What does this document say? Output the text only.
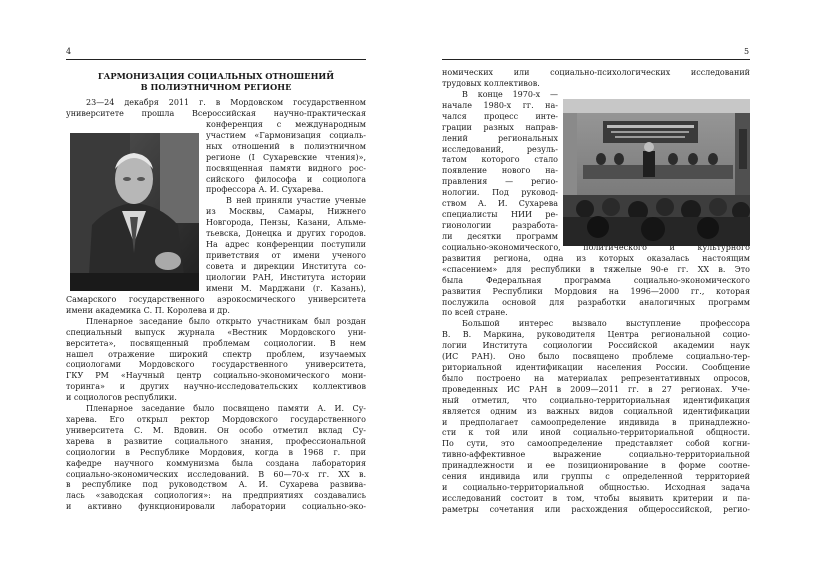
4
ГАРМОНИЗАЦИЯ СОЦИАЛЬНЫХ ОТНОШЕНИЙ
В ПОЛИЭТНИЧНОМ РЕГИОНЕ
23—24 декабря 2011 г. в Мордовском государственном
университете прошла Всероссийская научно-практическая
конференция с международным
участием «Гармонизация социаль-
ных отношений в полиэтничном
регионе (I Сухаревские чтения)»,
посвященная памяти видного рос-
сийского философа и социолога
профессора А. И. Сухарева.
В ней приняли участие ученые
из Москвы, Самары, Нижнего
Новгорода, Пензы, Казани, Альме-
тьевска, Донецка и других городов.
На адрес конференции поступили
приветствия от имени ученого
совета и дирекции Института со-
циологии РАН, Института истории
имени М. Марджани (г. Казань),
Самарского государственного аэрокосмического университета
имени академика С. П. Королева и др.
Пленарное заседание было открыто участникам был роздан
специальный выпуск журнала «Вестник Мордовского уни-
верситета», посвященный проблемам социологии. В нем
нашел отражение широкий спектр проблем, изучаемых
социологами Мордовского государственного университета,
ГКУ РМ «Научный центр социально-экономического мони-
торинга» и других научно-исследовательских коллективов
и социологов республики.
Пленарное заседание было посвящено памяти А. И. Су-
харева. Его открыл ректор Мордовского государственного
университета С. М. Вдовин. Он особо отметил вклад Су-
харева в развитие социального знания, профессиональной
социологии в Республике Мордовия, когда в 1968 г. при
кафедре научного коммунизма была создана лаборатория
социально-экономических исследований. В 60—70-х гг. XX в.
в республике под руководством А. И. Сухарева развива-
лась «заводская социология»: на предприятиях создавались
и активно функционировали лаборатории социально-эко-
5
номических или социально-психологических исследований
трудовых коллективов.
В конце 1970-х —
начале 1980-х гг. на-
чался процесс инте-
грации разных направ-
лений региональных
исследований, резуль-
татом которого стало
появление нового на-
правления — регио-
нологии. Под руковод-
ством А. И. Сухарева
специалисты НИИ ре-
гионологии разработа-
ли десятки программ
социально-экономического, политического и культурного
развития региона, одна из которых оказалась настоящим
«спасением» для республики в тяжелые 90-е гг. XX в. Это
была Федеральная программа социально-экономического
развития Республики Мордовия на 1996—2000 гг., которая
послужила основой для разработки аналогичных программ
по всей стране.
Большой интерес вызвало выступление профессора
В. В. Маркина, руководителя Центра региональной социо-
логии Института социологии Российской академии наук
(ИС РАН). Оно было посвящено проблеме социально-тер-
риториальной идентификации населения России. Сообщение
было построено на материалах репрезентативных опросов,
проведенных ИС РАН в 2009—2011 гг. в 27 регионах. Уче-
ный отметил, что социально-территориальная идентификация
является одним из важных видов социальной идентификации
и предполагает самоопределение индивида в принадлежно-
сти к той или иной социально-территориальной общности.
По сути, это самоопределение представляет собой когни-
тивно-аффективное выражение социально-территориальной
принадлежности и ее позиционирование в форме соотне-
сения индивида или группы с определенной территорией
и социально-территориальной общностью. Исходная задача
исследований состоит в том, чтобы выявить критерии и па-
раметры сочетания или расхождения общероссийской, регио-
